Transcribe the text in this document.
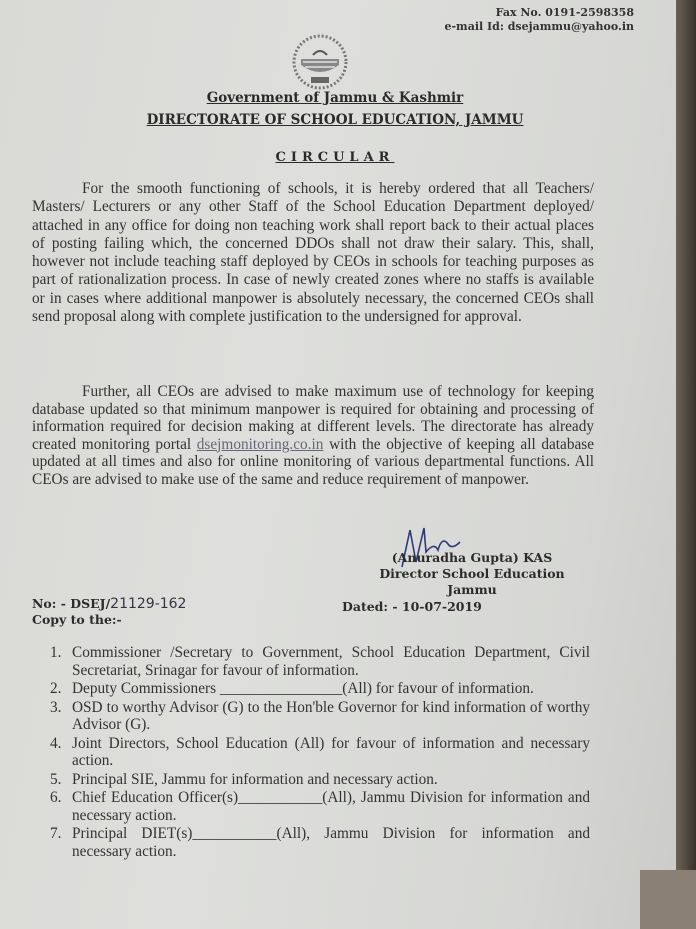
Fax No. 0191-2598358
e-mail Id: dsejammu@yahoo.in
Government of Jammu & Kashmir
DIRECTORATE OF SCHOOL EDUCATION, JAMMU
CIRCULAR
For the smooth functioning of schools, it is hereby ordered that all Teachers/ Masters/ Lecturers or any other Staff of the School Education Department deployed/ attached in any office for doing non teaching work shall report back to their actual places of posting failing which, the concerned DDOs shall not draw their salary. This, shall, however not include teaching staff deployed by CEOs in schools for teaching purposes as part of rationalization process. In case of newly created zones where no staffs is available or in cases where additional manpower is absolutely necessary, the concerned CEOs shall send proposal along with complete justification to the undersigned for approval.
Further, all CEOs are advised to make maximum use of technology for keeping database updated so that minimum manpower is required for obtaining and processing of information required for decision making at different levels. The directorate has already created monitoring portal dsejmonitoring.co.in with the objective of keeping all database updated at all times and also for online monitoring of various departmental functions. All CEOs are advised to make use of the same and reduce requirement of manpower.
(Anuradha Gupta) KAS
Director School Education
Jammu
No: - DSEJ/21129-162
Copy to the:-
Dated: - 10-07-2019
1. Commissioner /Secretary to Government, School Education Department, Civil Secretariat, Srinagar for favour of information.
2. Deputy Commissioners ________________(All) for favour of information.
3. OSD to worthy Advisor (G) to the Hon'ble Governor for kind information of worthy Advisor (G).
4. Joint Directors, School Education (All) for favour of information and necessary action.
5. Principal SIE, Jammu for information and necessary action.
6. Chief Education Officer(s)___________(All), Jammu Division for information and necessary action.
7. Principal DIET(s)___________(All), Jammu Division for information and necessary action.
